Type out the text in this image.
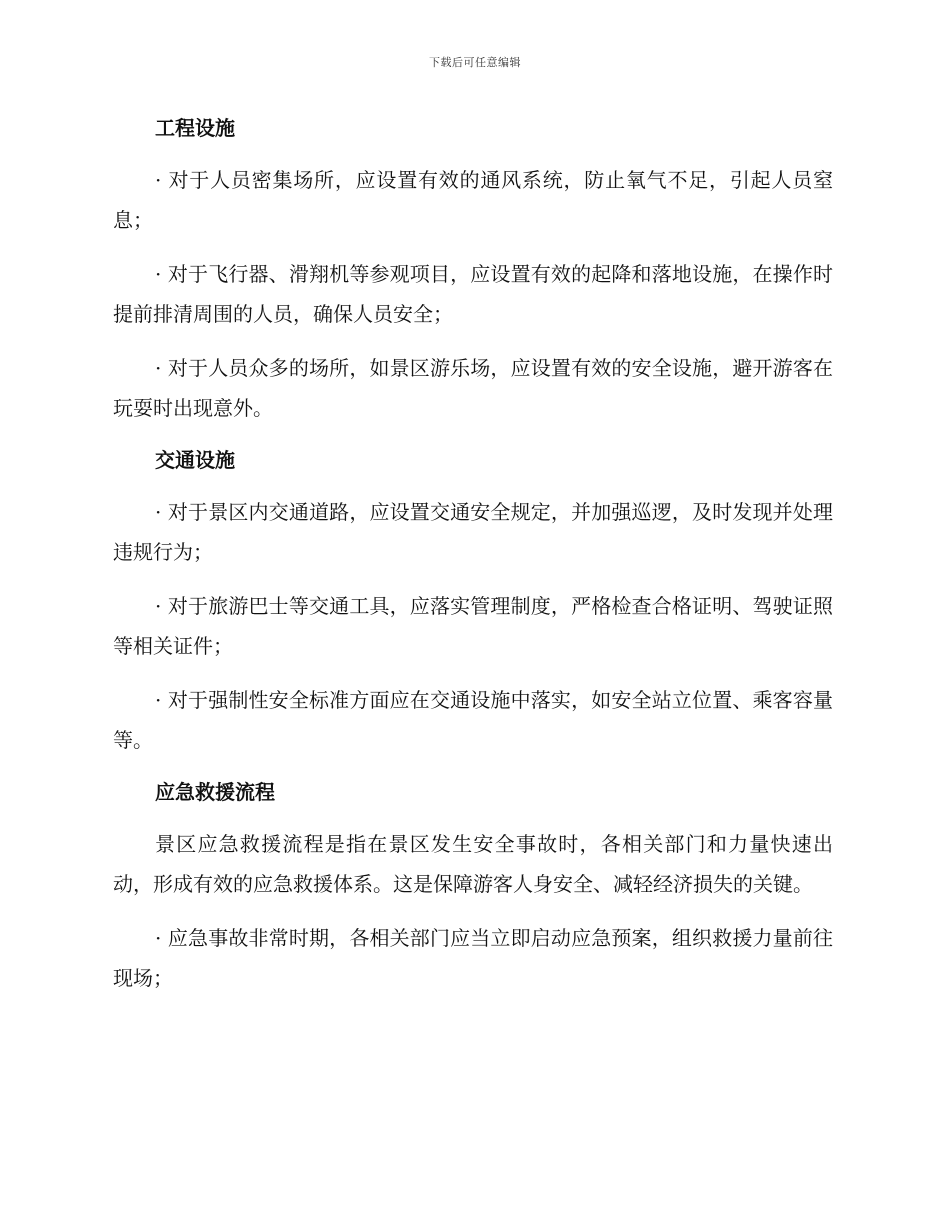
下载后可任意编辑
工程设施

· 对于人员密集场所，应设置有效的通风系统，防止氧气不足，引起人员窒息；

· 对于飞行器、滑翔机等参观项目，应设置有效的起降和落地设施，在操作时提前排清周围的人员，确保人员安全；

· 对于人员众多的场所，如景区游乐场，应设置有效的安全设施，避开游客在玩耍时出现意外。

交通设施

· 对于景区内交通道路，应设置交通安全规定，并加强巡逻，及时发现并处理违规行为；

· 对于旅游巴士等交通工具，应落实管理制度，严格检查合格证明、驾驶证照等相关证件；

· 对于强制性安全标准方面应在交通设施中落实，如安全站立位置、乘客容量等。

应急救援流程

景区应急救援流程是指在景区发生安全事故时，各相关部门和力量快速出动，形成有效的应急救援体系。这是保障游客人身安全、减轻经济损失的关键。

· 应急事故非常时期，各相关部门应当立即启动应急预案，组织救援力量前往现场；
